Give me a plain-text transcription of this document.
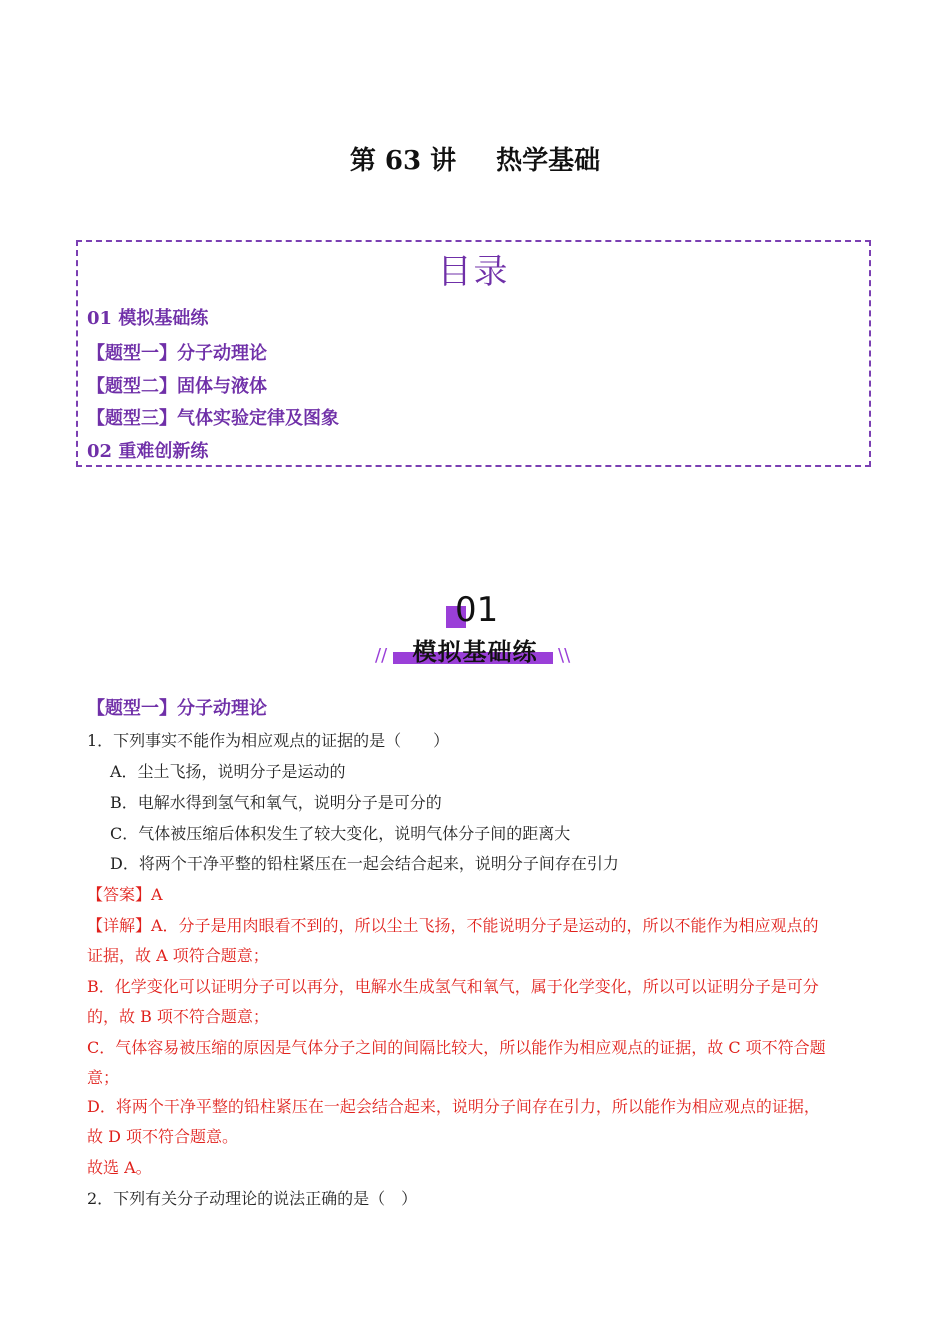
第 63 讲 热学基础
目录
01 模拟基础练
【题型一】分子动理论
【题型二】固体与液体
【题型三】气体实验定律及图象
02 重难创新练
01
模拟基础练
//	\\
【题型一】分子动理论
1．下列事实不能作为相应观点的证据的是（　　）
A．尘土飞扬，说明分子是运动的
B．电解水得到氢气和氧气，说明分子是可分的
C．气体被压缩后体积发生了较大变化，说明气体分子间的距离大
D．将两个干净平整的铅柱紧压在一起会结合起来，说明分子间存在引力
【答案】A
【详解】A．分子是用肉眼看不到的，所以尘土飞扬，不能说明分子是运动的，所以不能作为相应观点的
证据，故 A 项符合题意；
B．化学变化可以证明分子可以再分，电解水生成氢气和氧气，属于化学变化，所以可以证明分子是可分
的，故 B 项不符合题意；
C．气体容易被压缩的原因是气体分子之间的间隔比较大，所以能作为相应观点的证据，故 C 项不符合题
意；
D．将两个干净平整的铅柱紧压在一起会结合起来，说明分子间存在引力，所以能作为相应观点的证据，
故 D 项不符合题意。
故选 A。
2．下列有关分子动理论的说法正确的是（　）
